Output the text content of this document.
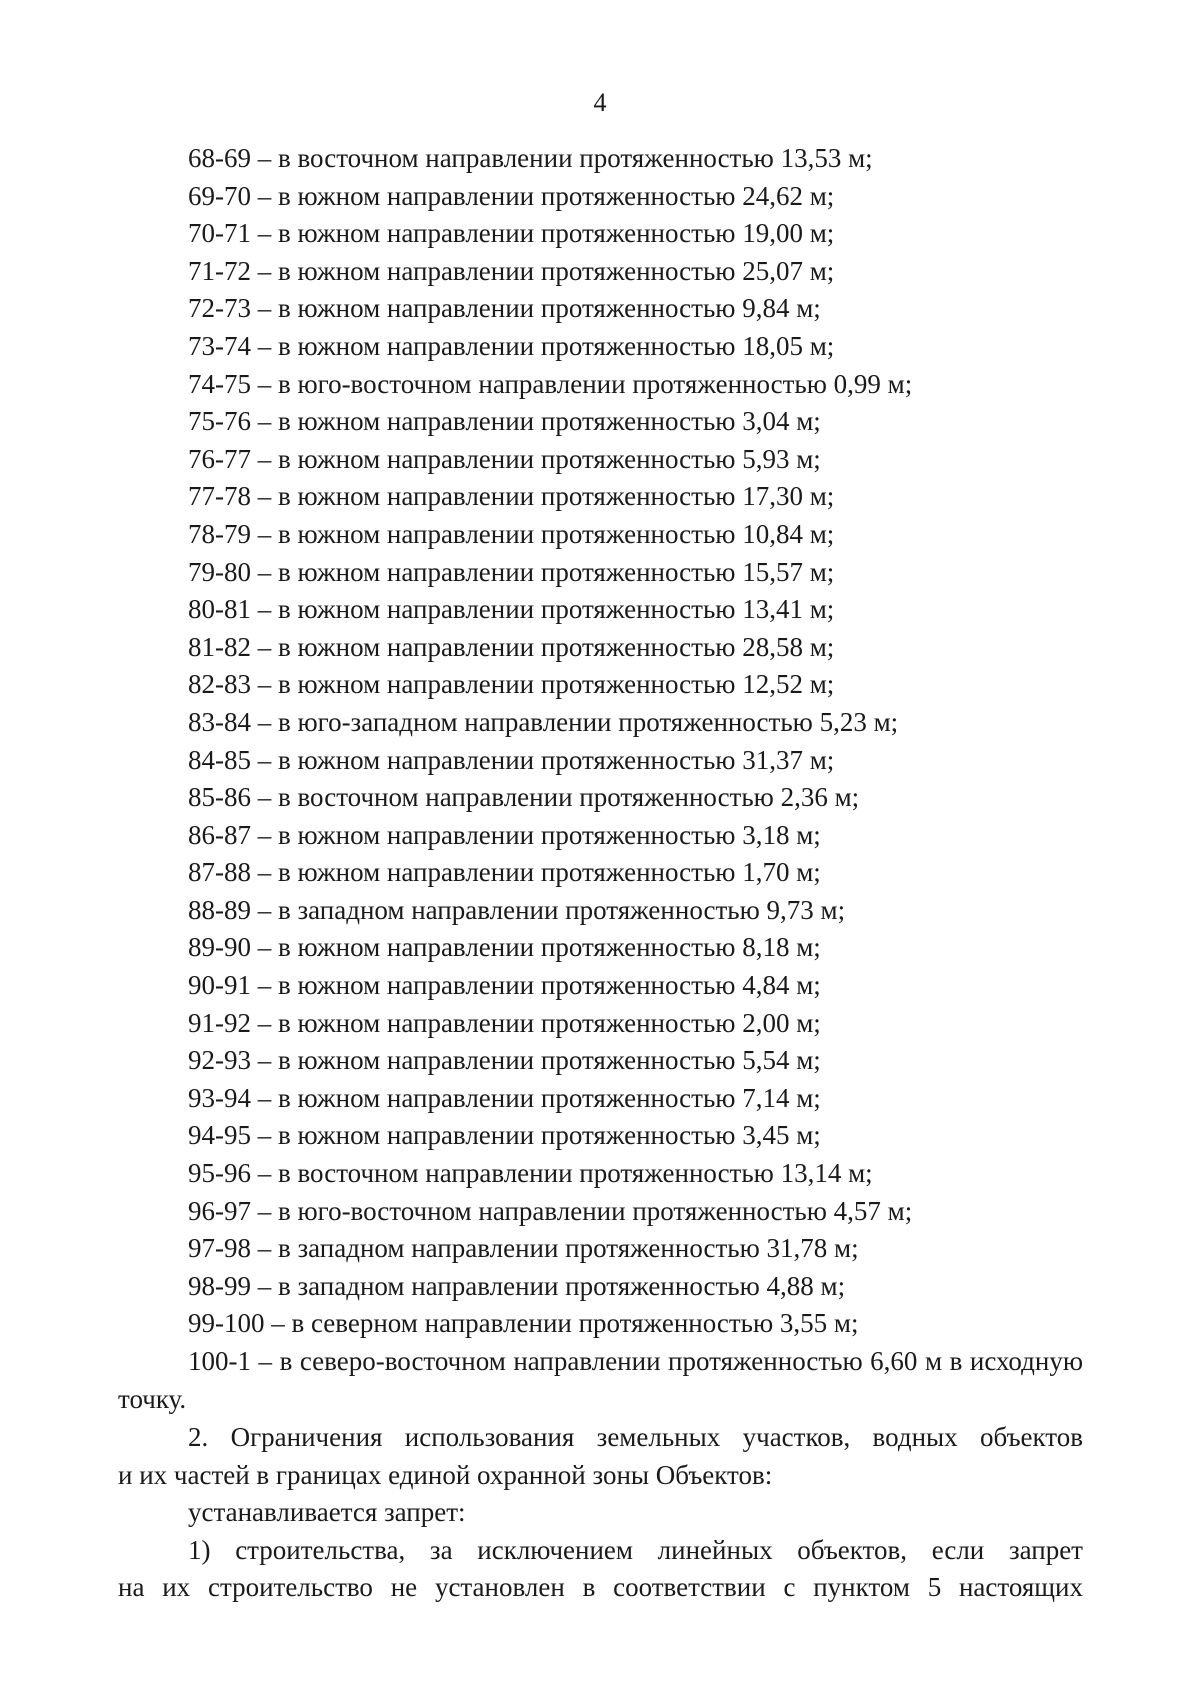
4
68-69 – в восточном направлении протяженностью 13,53 м;
69-70 – в южном направлении протяженностью 24,62 м;
70-71 – в южном направлении протяженностью 19,00 м;
71-72 – в южном направлении протяженностью 25,07 м;
72-73 – в южном направлении протяженностью 9,84 м;
73-74 – в южном направлении протяженностью 18,05 м;
74-75 – в юго-восточном направлении протяженностью 0,99 м;
75-76 – в южном направлении протяженностью 3,04 м;
76-77 – в южном направлении протяженностью 5,93 м;
77-78 – в южном направлении протяженностью 17,30 м;
78-79 – в южном направлении протяженностью 10,84 м;
79-80 – в южном направлении протяженностью 15,57 м;
80-81 – в южном направлении протяженностью 13,41 м;
81-82 – в южном направлении протяженностью 28,58 м;
82-83 – в южном направлении протяженностью 12,52 м;
83-84 – в юго-западном направлении протяженностью 5,23 м;
84-85 – в южном направлении протяженностью 31,37 м;
85-86 – в восточном направлении протяженностью 2,36 м;
86-87 – в южном направлении протяженностью 3,18 м;
87-88 – в южном направлении протяженностью 1,70 м;
88-89 – в западном направлении протяженностью 9,73 м;
89-90 – в южном направлении протяженностью 8,18 м;
90-91 – в южном направлении протяженностью 4,84 м;
91-92 – в южном направлении протяженностью 2,00 м;
92-93 – в южном направлении протяженностью 5,54 м;
93-94 – в южном направлении протяженностью 7,14 м;
94-95 – в южном направлении протяженностью 3,45 м;
95-96 – в восточном направлении протяженностью 13,14 м;
96-97 – в юго-восточном направлении протяженностью 4,57 м;
97-98 – в западном направлении протяженностью 31,78 м;
98-99 – в западном направлении протяженностью 4,88 м;
99-100 – в северном направлении протяженностью 3,55 м;
100-1 – в северо-восточном направлении протяженностью 6,60 м в исходную
точку.
2. Ограничения использования земельных участков, водных объектов
и их частей в границах единой охранной зоны Объектов:
устанавливается запрет:
1) строительства, за исключением линейных объектов, если запрет
на их строительство не установлен в соответствии с пунктом 5 настоящих
